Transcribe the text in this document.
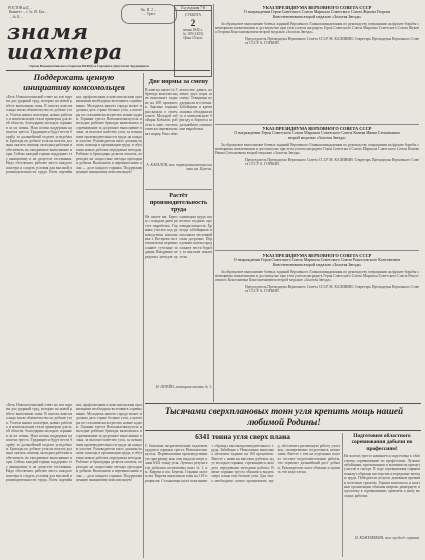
РОСТОВ н/Д ...
Комитет ... г. № 18, Бат...
... № 8, ...
Ок. Н. 2 ...
... Трест
знамя
шахтера
Год издания 7-й
СУББОТА
2
июня 1945 г.
№ 109 (1455)
Цена 10 коп.
Орган Новошахтинского Горкома ВКП(б) и Горсовета Депутатов Трудящихся
Поддержать ценную инициативу комсомольцев
«Бесь Новошахтинский ответ на зов партии дал ударный труд, которые на новой работе выполнили план. В шахтах комсомольцы взяли обязательство по добыче угля. Успехи наших шахтеров, новых рабочих и комсомольцев стали примером для всей области, благодарим молодых горняков за их почин. Наш почин поддержан на шахтах треста. Трудящиеся будут вести борьбу за дальнейший подъем угледобычи. Бригады по добыче угля на шахтах должны оказать помощь молодым рабочим и обеспечить их ежедневное выполнение норм. Сейчас каждый горняк поддержит эту инициативу и не допустит отставания. Надо обеспечить рабочее место каждого шахтера и создать условия для высокой производительности труда. Всем партийным, профсоюзным и комсомольским организациям необходимо возглавить соревнование. Молодежь нашего города может и должна дать стране больше угля, а шахтеры по-стахановски встретить новые задачи. Горняки треста Новошахтинскуголь и молодые рабочие бригады включились в соревнование за досрочное выполнение плана, за высокое качество угля, за повышение производительности труда на каждом участке. Руководители шахт должны оказать помощь в организации труда, в обучении новых рабочих передовым методам. Рабочие и бригадиры делятся опытом, переходят на скоростные методы проходки и добычи. Выполнить и перевыполнить план — долг каждого горняка. Поддержим ценную инициативу комсомольцев!
Две нормы за смену
В лаве на шахте № 5 бригада комсомольцев выполняет задание на 200 процентов. Знатные горняки рассказали о своем опыте. Молодой забойщик Кабалов, работая в лаве, систематически перевыполняет норму. Взял обязательство давать не менее двух норм за смену. Товарищи поддержали его почин. Забойщики и крепильщики объединились в комплексную бригаду и борются за дальнейшее повышение выработки.
А. КАБАЛОВ, зам. парторганизатора шахты им. Березы.
Растёт производительность труда
На шахте им. Березы с каждым днем растет выработка. Горняки участка под руководством начальника т. Весерова систематически перевыполняют суточные задания. Внедрение передовых методов организации труда позволило поднять производительность. Бригада забойщиков выполнила месячный план досрочно. Передовики шахты продолжают вести борьбу за высокие показатели.
Н. ШТЕЙН, помощник шахты № 1.
УКАЗ ПРЕЗИДИУМА ВЕРХОВНОГО СОВЕТА СССР
О награждении Героя Советского Союза Маршала Советского Союза Жукова Георгия Константиновича второй медалью «Золотая Звезда»
За образцовое выполнение боевых заданий Верховного Главнокомандования по руководству операциями на фронте борьбы с немецкими захватчиками и достигнутые при этом успехи наградить Героя Советского Союза Маршала Советского Союза Жукова Георгия Константиновича второй медалью «Золотая Звезда».
Председатель Президиума Верховного Совета СССР М. КАЛИНИН. Секретарь Президиума Верховного Совета СССР А. ГОРКИН.
УКАЗ ПРЕЗИДИУМА ВЕРХОВНОГО СОВЕТА СССР
О награждении Героя Советского Союза Маршала Советского Союза Конева Ивана Степановича второй медалью «Золотая Звезда»
За образцовое выполнение боевых заданий Верховного Главнокомандования по руководству операциями на фронте борьбы с немецкими захватчиками и достигнутые при этом успехи наградить Героя Советского Союза Маршала Советского Союза Конева Ивана Степановича второй медалью «Золотая Звезда».
Председатель Президиума Верховного Совета СССР М. КАЛИНИН. Секретарь Президиума Верховного Совета СССР А. ГОРКИН.
УКАЗ ПРЕЗИДИУМА ВЕРХОВНОГО СОВЕТА СССР
О награждении Героя Советского Союза Маршала Советского Союза Рокоссовского Константина Константиновича второй медалью «Золотая Звезда»
За образцовое выполнение боевых заданий Верховного Главнокомандования по руководству операциями на фронте борьбы с немецкими захватчиками и достигнутые при этом успехи наградить Героя Советского Союза Маршала Советского Союза Рокоссовского Константина Константиновича второй медалью «Золотая Звезда».
Председатель Президиума Верховного Совета СССР М. КАЛИНИН. Секретарь Президиума Верховного Совета СССР А. ГОРКИН.
Тысячами сверхплановых тонн угля крепить мощь нашей любимой Родины!
6341 тонна угля сверх плана
С большим патриотическим подъемом трудятся горняки треста Новошахтинскуголь. Перевыполнив производственную программу мая, они выдали сверх плана 6341 тонну угля. Лучших результатов добились коллективы шахт № 1, им. Кирова и им. Березы. Горняки шахты им. Кирова выполнили план на 118 процентов. Стахановцы шахт показывают образцы высокопроизводительного труда. Забойщик т. Николаенко выполнил месячное задание на 160 процентов. Вместе с ними на высоких рубежах идут молодые горняки, стремящиеся овладеть передовыми методами работы. В июне горняки треста обязались выдать сверх плана еще больше угля. Для этого необходимо лучше организовать труд, обеспечить ритмичную работу участков, своевременно подготовить новые лавы. Вместе с тем на отдельных шахтах отстают подготовительные работы, что тормозит дальнейший рост добычи. Руководители шахт обязаны устранить эти недостатки.
Подготовим областного соревнования добычи по профессиям!
На шахтах треста начинается подготовка к областному соревнованию по профессиям. Лучшие забойщики, крепильщики и машинисты примут участие в смотре. В ходе соревнования горняки покажут образцы мастерства и передовые методы труда. Победители получат денежные премии и почетные грамоты. Горком комсомола и шахтные организации обязаны широко развернуть подготовку к соревнованию, привлечь к нему молодых рабочих.
И. КОЖЕМЯКИН, зам. председ. горкома.
«Бесь Новошахтинский ответ на зов партии дал ударный труд, которые на новой работе выполнили план. В шахтах комсомольцы взяли обязательство по добыче угля. Успехи наших шахтеров, новых рабочих и комсомольцев стали примером для всей области, благодарим молодых горняков за их почин. Наш почин поддержан на шахтах треста. Трудящиеся будут вести борьбу за дальнейший подъем угледобычи. Бригады по добыче угля на шахтах должны оказать помощь молодым рабочим и обеспечить их ежедневное выполнение норм. Сейчас каждый горняк поддержит эту инициативу и не допустит отставания. Надо обеспечить рабочее место каждого шахтера и создать условия для высокой производительности труда. Всем партийным, профсоюзным и комсомольским организациям необходимо возглавить соревнование. Молодежь нашего города может и должна дать стране больше угля, а шахтеры по-стахановски встретить новые задачи. Горняки треста Новошахтинскуголь и молодые рабочие бригады включились в соревнование за досрочное выполнение плана, за высокое качество угля, за повышение производительности труда на каждом участке. Руководители шахт должны оказать помощь в организации труда, в обучении новых рабочих передовым методам. Рабочие и бригадиры делятся опытом, переходят на скоростные методы проходки и добычи. Выполнить и перевыполнить план — долг каждого горняка. Поддержим ценную инициативу комсомольцев!
